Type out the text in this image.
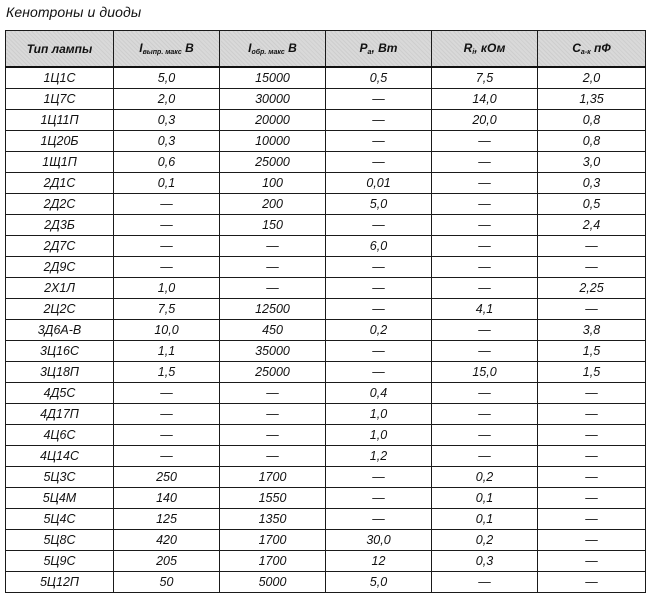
Кенотроны и диоды
Тип лампы	$I_{выпр. макс}$ В	$I_{обр. макс}$ В	$P_а$, Вт	$R_i$, кОм	$C_{а-к}$ пФ
1Ц1С	5,0	15000	0,5	7,5	2,0
1Ц7С	2,0	30000	—	14,0	1,35
1Ц11П	0,3	20000	—	20,0	0,8
1Ц20Б	0,3	10000	—	—	0,8
1Щ1П	0,6	25000	—	—	3,0
2Д1С	0,1	100	0,01	—	0,3
2Д2С	—	200	5,0	—	0,5
2Д3Б	—	150	—	—	2,4
2Д7С	—	—	6,0	—	—
2Д9С	—	—	—	—	—
2Х1Л	1,0	—	—	—	2,25
2Ц2С	7,5	12500	—	4,1	—
3Д6А-В	10,0	450	0,2	—	3,8
3Ц16С	1,1	35000	—	—	1,5
3Ц18П	1,5	25000	—	15,0	1,5
4Д5С	—	—	0,4	—	—
4Д17П	—	—	1,0	—	—
4Ц6С	—	—	1,0	—	—
4Ц14С	—	—	1,2	—	—
5Ц3С	250	1700	—	0,2	—
5Ц4М	140	1550	—	0,1	—
5Ц4С	125	1350	—	0,1	—
5Ц8С	420	1700	30,0	0,2	—
5Ц9С	205	1700	12	0,3	—
5Ц12П	50	5000	5,0	—	—
